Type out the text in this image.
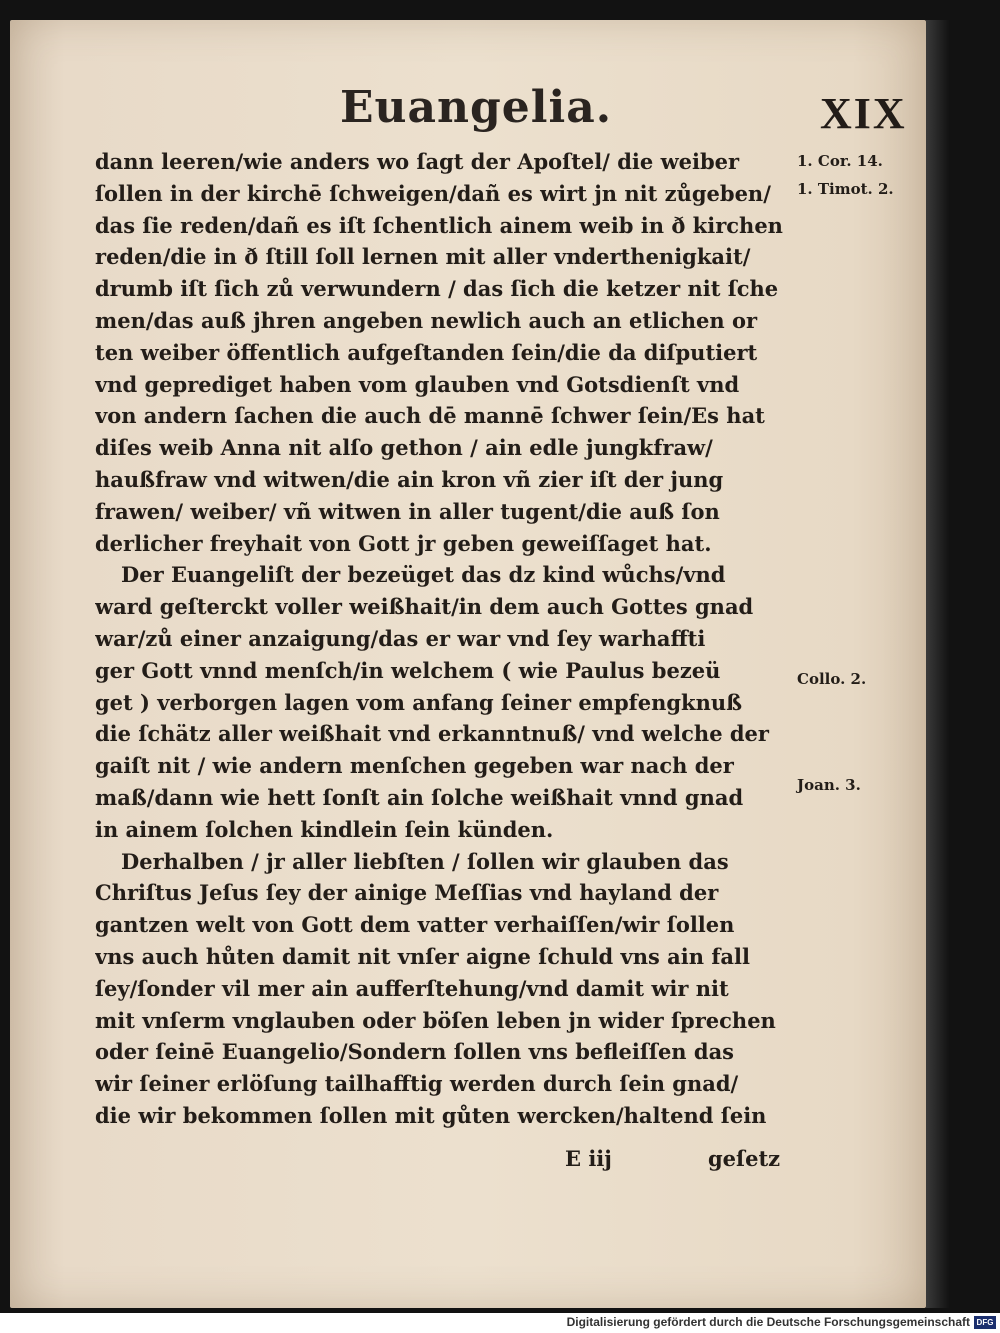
Euangelia.	XIX
dann leeren/wie anders wo ſagt der Apoſtel/ die weiber
ſollen in der kirchē ſchweigen/dañ es wirt jn nit zůgeben/
das ſie reden/dañ es iſt ſchentlich ainem weib in ð kirchen
reden/die in ð ſtill ſoll lernen mit aller vnderthenigkait/
drumb iſt ſich zů verwundern / das ſich die ketzer nit ſche
men/das auß jhren angeben newlich auch an etlichen or
ten weiber öffentlich aufgeſtanden ſein/die da diſputiert
vnd geprediget haben vom glauben vnd Gotsdienſt vnd
von andern ſachen die auch dē mannē ſchwer ſein/Es hat
diſes weib Anna nit alſo gethon / ain edle jungkfraw/
haußfraw vnd witwen/die ain kron vñ zier iſt der jung
frawen/ weiber/ vñ witwen in aller tugent/die auß ſon
derlicher freyhait von Gott jr geben geweiſſaget hat.
Der Euangeliſt der bezeüget das dz kind wůchs/vnd
ward geſterckt voller weißhait/in dem auch Gottes gnad
war/zů einer anzaigung/das er war vnd ſey warhaffti
ger Gott vnnd menſch/in welchem ( wie Paulus bezeü
get ) verborgen lagen vom anfang ſeiner empfengknuß
die ſchätz aller weißhait vnd erkanntnuß/ vnd welche der
gaiſt nit / wie andern menſchen gegeben war nach der
maß/dann wie hett ſonſt ain ſolche weißhait vnnd gnad
in ainem ſolchen kindlein ſein künden.
Derhalben / jr aller liebſten / ſollen wir glauben das
Chriſtus Jeſus ſey der ainige Meſſias vnd hayland der
gantzen welt von Gott dem vatter verhaiſſen/wir ſollen
vns auch hůten damit nit vnſer aigne ſchuld vns ain fall
ſey/ſonder vil mer ain aufferſtehung/vnd damit wir nit
mit vnſerm vnglauben oder böſen leben jn wider ſprechen
oder ſeinē Euangelio/Sondern ſollen vns befleiſſen das
wir ſeiner erlöſung tailhafftig werden durch ſein gnad/
die wir bekommen ſollen mit gůten wercken/haltend ſein
1. Cor. 14.
1. Timot. 2.
Collo. 2.
Joan. 3.
E iij	geſetz
Digitalisierung gefördert durch die Deutsche Forschungsgemeinschaft DFG
